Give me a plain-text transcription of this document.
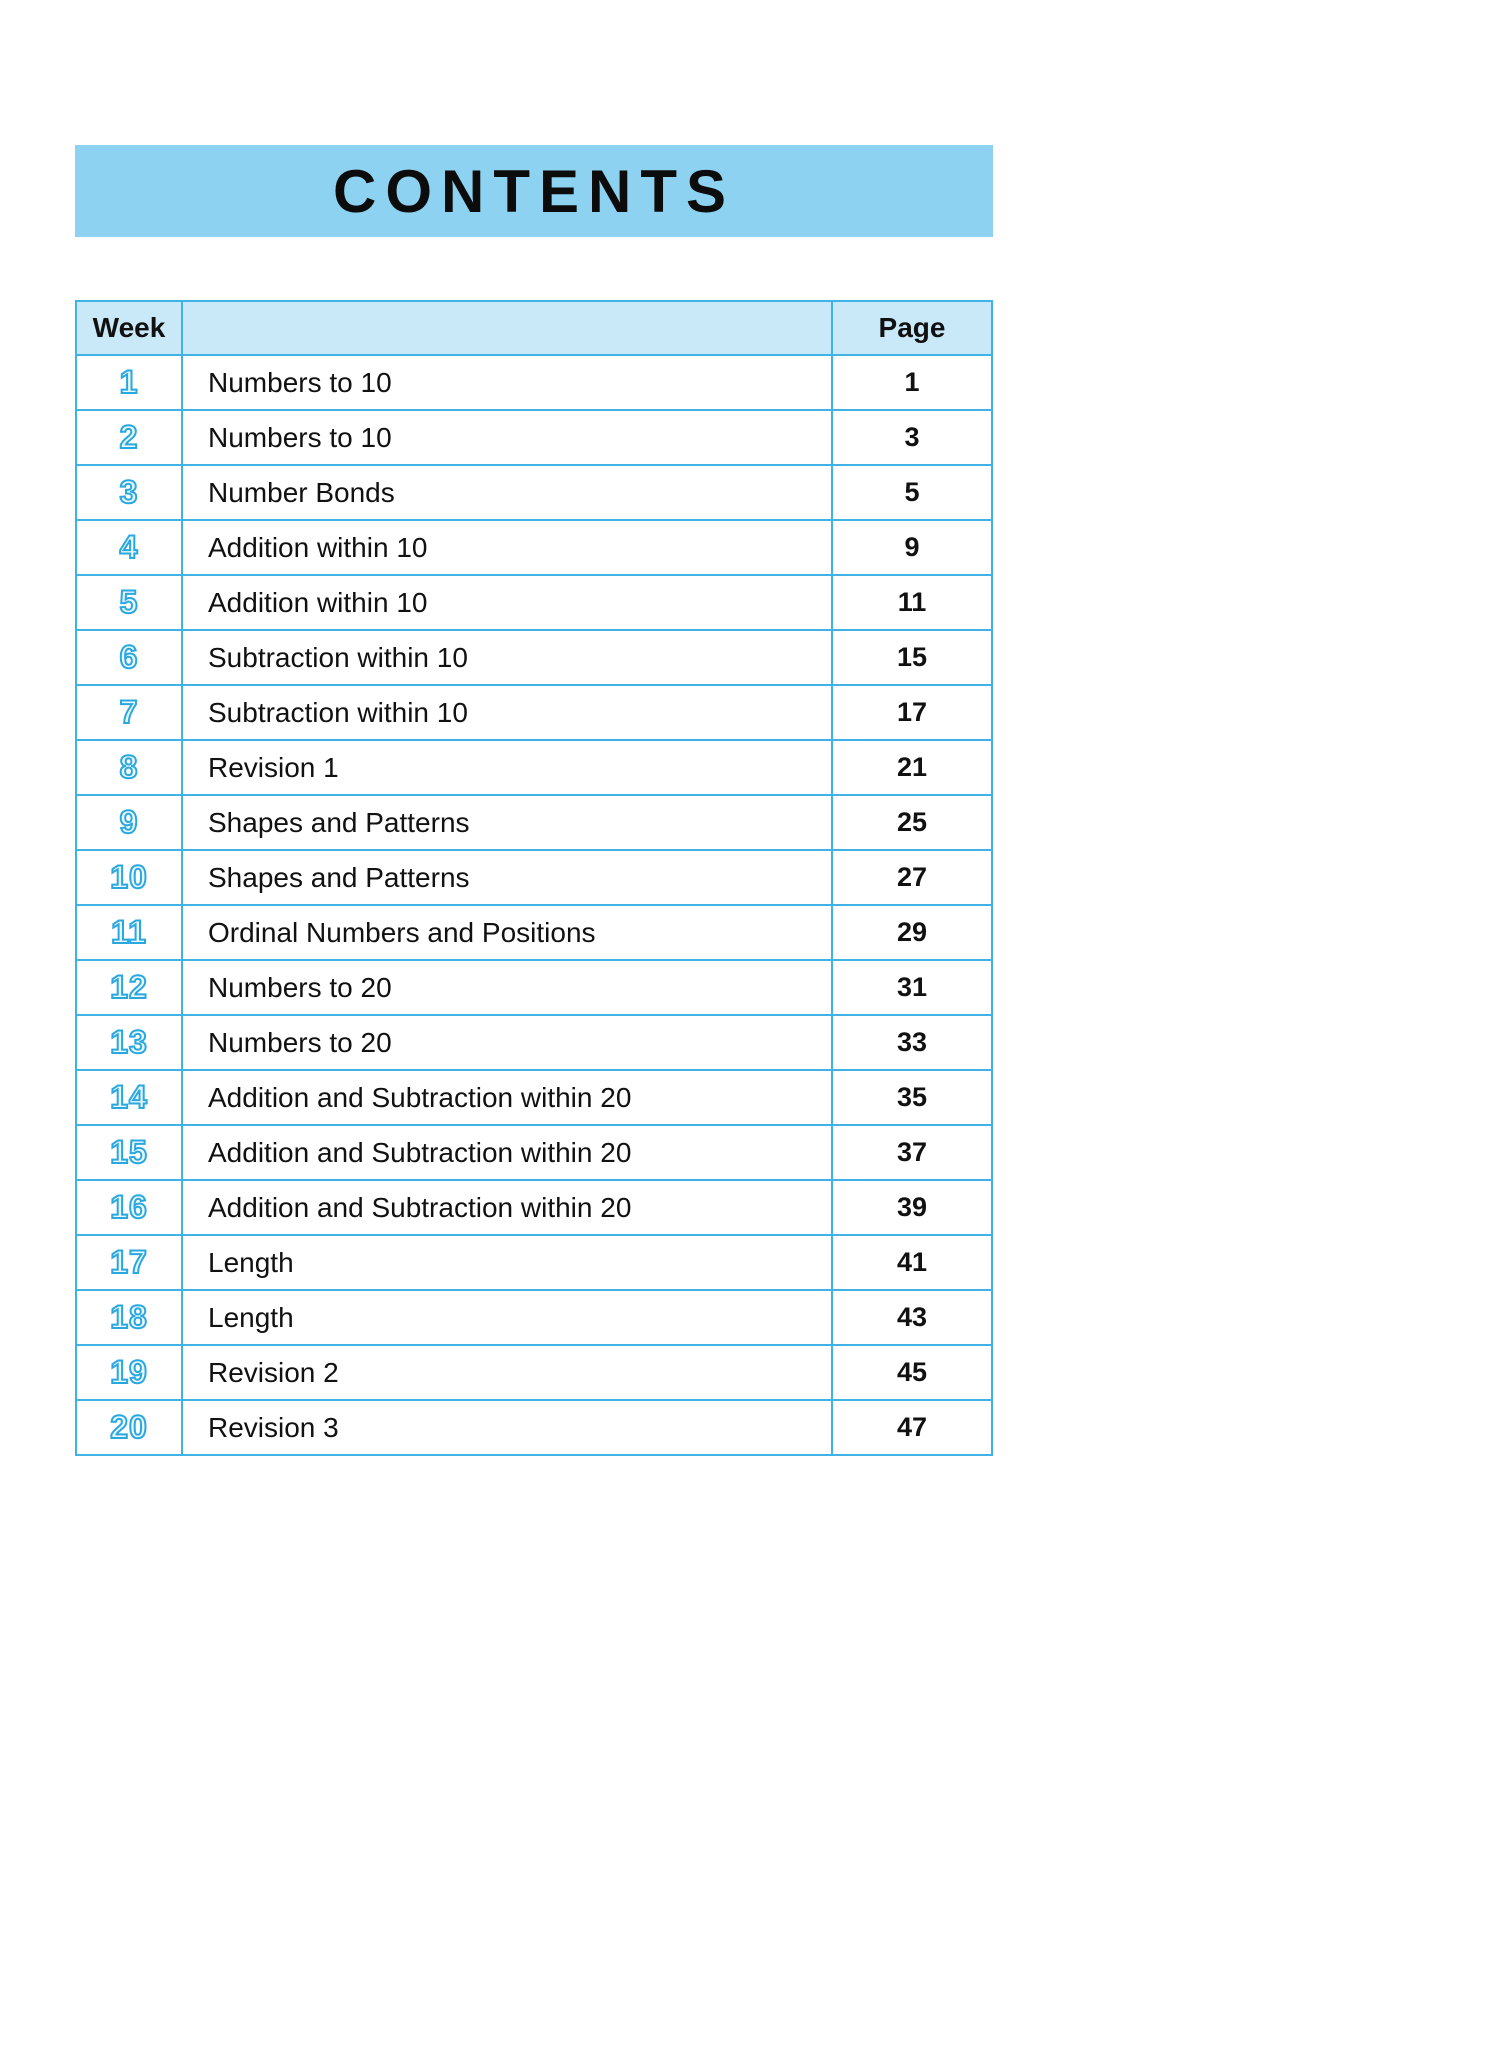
CONTENTS
Week		Page
1	Numbers to 10	1
2	Numbers to 10	3
3	Number Bonds	5
4	Addition within 10	9
5	Addition within 10	11
6	Subtraction within 10	15
7	Subtraction within 10	17
8	Revision 1	21
9	Shapes and Patterns	25
10	Shapes and Patterns	27
11	Ordinal Numbers and Positions	29
12	Numbers to 20	31
13	Numbers to 20	33
14	Addition and Subtraction within 20	35
15	Addition and Subtraction within 20	37
16	Addition and Subtraction within 20	39
17	Length	41
18	Length	43
19	Revision 2	45
20	Revision 3	47
